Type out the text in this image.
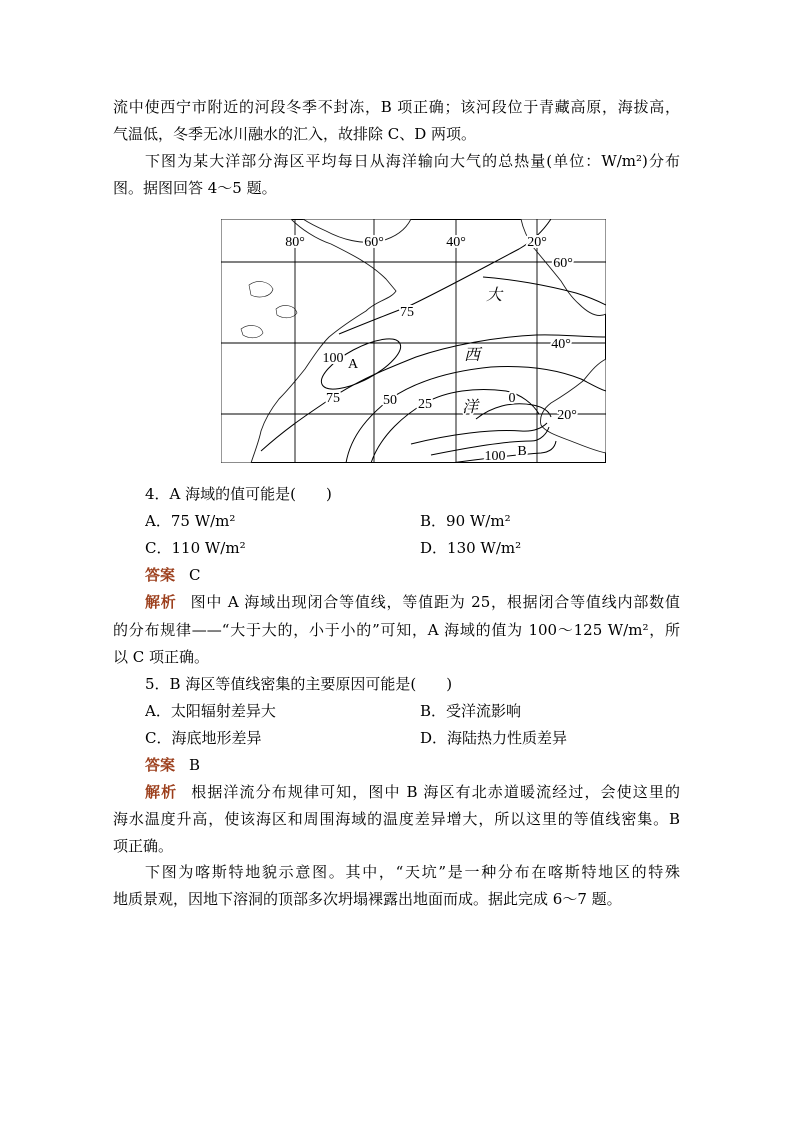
流中使西宁市附近的河段冬季不封冻，B 项正确；该河段位于青藏高原，海拔高，
气温低，冬季无冰川融水的汇入，故排除 C、D 两项。
下图为某大洋部分海区平均每日从海洋输向大气的总热量(单位：W/m²)分布
图。据图回答 4～5 题。
80°	60°	40°	20°
60°
40°
20°
大
西
洋
75
100 A
75	50 25	0
100 B
4．A 海域的值可能是(　　)
A．75 W/m²	B．90 W/m²
C．110 W/m²	D．130 W/m²
答案 C
解析 图中 A 海域出现闭合等值线，等值距为 25，根据闭合等值线内部数值
的分布规律——“大于大的，小于小的”可知，A 海域的值为 100～125 W/m²，所
以 C 项正确。
5．B 海区等值线密集的主要原因可能是(　　)
A．太阳辐射差异大	B．受洋流影响
C．海底地形差异	D．海陆热力性质差异
答案 B
解析 根据洋流分布规律可知，图中 B 海区有北赤道暖流经过，会使这里的
海水温度升高，使该海区和周围海域的温度差异增大，所以这里的等值线密集。B
项正确。
下图为喀斯特地貌示意图。其中，“天坑”是一种分布在喀斯特地区的特殊
地质景观，因地下溶洞的顶部多次坍塌裸露出地面而成。据此完成 6～7 题。
